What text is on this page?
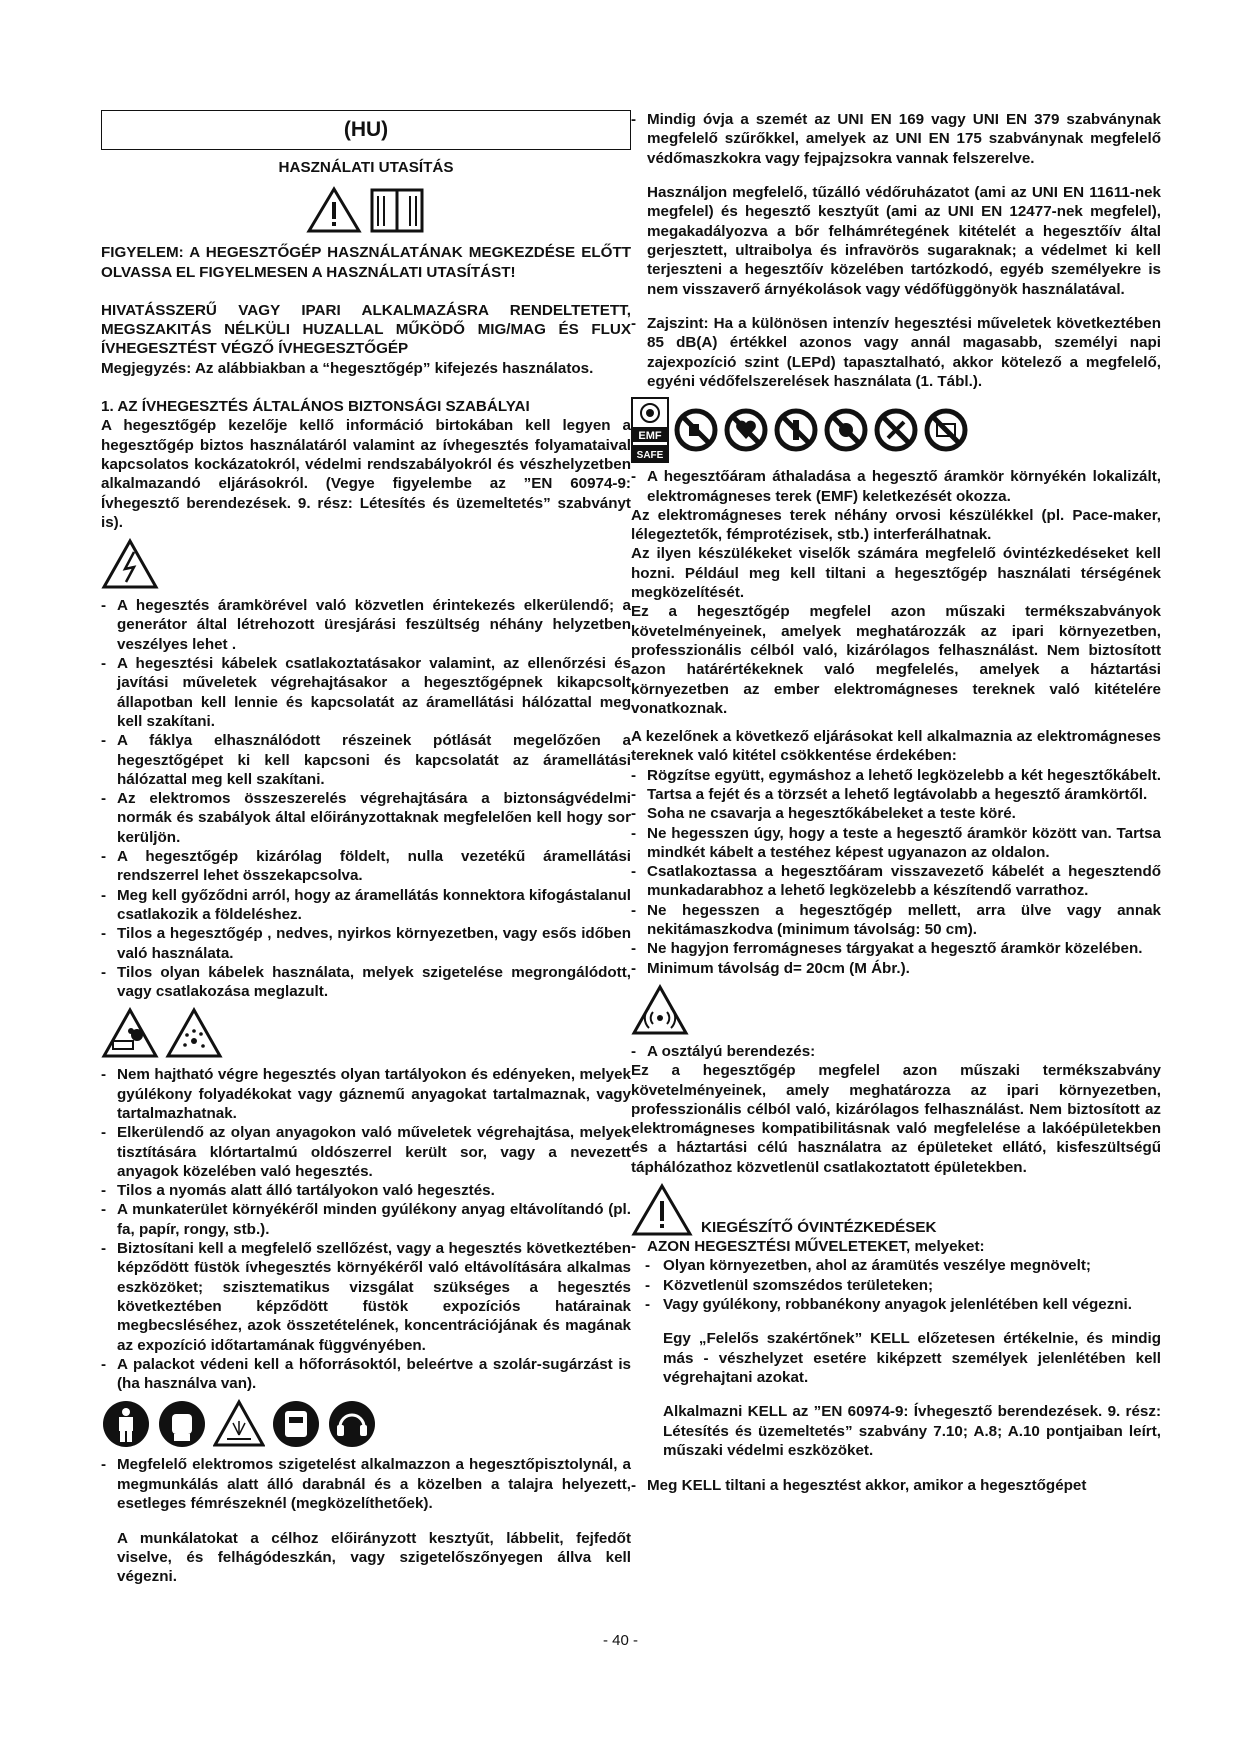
(HU)
HASZNÁLATI UTASÍTÁS

FIGYELEM: A HEGESZTŐGÉP HASZNÁLATÁNAK MEGKEZDÉSE ELŐTT OLVASSA EL FIGYELMESEN A HASZNÁLATI UTASÍTÁST!

HIVATÁSSZERŰ VAGY IPARI ALKALMAZÁSRA RENDELTETETT, MEGSZAKITÁS NÉLKÜLI HUZALLAL MŰKÖDŐ MIG/MAG ÉS FLUX ÍVHEGESZTÉST VÉGZŐ ÍVHEGESZTŐGÉP

Megjegyzés: Az alábbiakban a “hegesztőgép” kifejezés használatos.

1. AZ ÍVHEGESZTÉS ÁLTALÁNOS BIZTONSÁGI SZABÁLYAI

A hegesztőgép kezelője kellő információ birtokában kell legyen a hegesztőgép biztos használatáról valamint az ívhegesztés folyamataival kapcsolatos kockázatokról, védelmi rendszabályokról és vészhelyzetben alkalmazandó eljárásokról. (Vegye figyelembe az ”EN 60974-9: Ívhegesztő berendezések. 9. rész: Létesítés és üzemeltetés” szabványt is).

- A hegesztés áramkörével való közvetlen érintekezés elkerülendő; a generátor által létrehozott üresjárási feszültség néhány helyzetben veszélyes lehet .
- A hegesztési kábelek csatlakoztatásakor valamint, az ellenőrzési és javítási műveletek végrehajtásakor a hegesztőgépnek kikapcsolt állapotban kell lennie és kapcsolatát az áramellátási hálózattal meg kell szakítani.
- A fáklya elhasználódott részeinek pótlását megelőzően a hegesztőgépet ki kell kapcsoni és kapcsolatát az áramellátási hálózattal meg kell szakítani.
- Az elektromos összeszerelés végrehajtására a biztonságvédelmi normák és szabályok által előirányzottaknak megfelelően kell hogy sor kerüljön.
- A hegesztőgép kizárólag földelt, nulla vezetékű áramellátási rendszerrel lehet összekapcsolva.
- Meg kell győződni arról, hogy az áramellátás konnektora kifogástalanul csatlakozik a földeléshez.
- Tilos a hegesztőgép , nedves, nyirkos környezetben, vagy esős időben való használata.
- Tilos olyan kábelek használata, melyek szigetelése megrongálódott, vagy csatlakozása meglazult.
- Nem hajtható végre hegesztés olyan tartályokon és edényeken, melyek gyúlékony folyadékokat vagy gáznemű anyagokat tartalmaznak, vagy tartalmazhatnak.
- Elkerülendő az olyan anyagokon való műveletek végrehajtása, melyek tisztítására klórtartalmú oldószerrel került sor, vagy a nevezett anyagok közelében való hegesztés.
- Tilos a nyomás alatt álló tartályokon való hegesztés.
- A munkaterület környékéről minden gyúlékony anyag eltávolítandó (pl. fa, papír, rongy, stb.).
- Biztosítani kell a megfelelő szellőzést, vagy a hegesztés következtében képződött füstök ívhegesztés környékéről való eltávolítására alkalmas eszközöket; szisztematikus vizsgálat szükséges a hegesztés következtében képződött füstök expozíciós határainak megbecsléséhez, azok összetételének, koncentrációjának és magának az expozíció időtartamának függvényében.
- A palackot védeni kell a hőforrásoktól, beleértve a szolár-sugárzást is (ha használva van).
- Megfelelő elektromos szigetelést alkalmazzon a hegesztőpisztolynál, a megmunkálás alatt álló darabnál és a közelben a talajra helyezett, esetleges fémrészeknél (megközelíthetőek).

A munkálatokat a célhoz előirányzott kesztyűt, lábbelit, fejfedőt viselve, és felhágódeszkán, vagy szigetelőszőnyegen állva kell végezni.

- Mindig óvja a szemét az UNI EN 169 vagy UNI EN 379 szabványnak megfelelő szűrőkkel, amelyek az UNI EN 175 szabványnak megfelelő védőmaszkokra vagy fejpajzsokra vannak felszerelve.

Használjon megfelelő, tűzálló védőruházatot (ami az UNI EN 11611-nek megfelel) és hegesztő kesztyűt (ami az UNI EN 12477-nek megfelel), megakadályozva a bőr felhámrétegének kitételét a hegesztőív által gerjesztett, ultraibolya és infravörös sugaraknak; a védelmet ki kell terjeszteni a hegesztőív közelében tartózkodó, egyéb személyekre is nem visszaverő árnyékolások vagy védőfüggönyök használatával.

- Zajszint: Ha a különösen intenzív hegesztési műveletek következtében 85 dB(A) értékkel azonos vagy annál magasabb, személyi napi zajexpozíció szint (LEPd) tapasztalható, akkor kötelező a megfelelő, egyéni védőfelszerelések használata (1. Tábl.).
EMF
SAFE
- A hegesztőáram áthaladása a hegesztő áramkör környékén lokalizált, elektromágneses terek (EMF) keletkezését okozza.

Az elektromágneses terek néhány orvosi készülékkel (pl. Pace-maker, lélegeztetők, fémprotézisek, stb.) interferálhatnak.

Az ilyen készülékeket viselők számára megfelelő óvintézkedéseket kell hozni. Például meg kell tiltani a hegesztőgép használati térségének megközelítését.

Ez a hegesztőgép megfelel azon műszaki termékszabványok követelményeinek, amelyek meghatározzák az ipari környezetben, professzionális célból való, kizárólagos felhasználást. Nem biztosított azon határértékeknek való megfelelés, amelyek a háztartási környezetben az ember elektromágneses tereknek való kitételére vonatkoznak.

A kezelőnek a következő eljárásokat kell alkalmaznia az elektromágneses tereknek való kitétel csökkentése érdekében:

- Rögzítse együtt, egymáshoz a lehető legközelebb a két hegesztőkábelt.
- Tartsa a fejét és a törzsét a lehető legtávolabb a hegesztő áramkörtől.
- Soha ne csavarja a hegesztőkábeleket a teste köré.
- Ne hegesszen úgy, hogy a teste a hegesztő áramkör között van. Tartsa mindkét kábelt a testéhez képest ugyanazon az oldalon.
- Csatlakoztassa a hegesztőáram visszavezető kábelét a hegesztendő munkadarabhoz a lehető legközelebb a készítendő varrathoz.
- Ne hegesszen a hegesztőgép mellett, arra ülve vagy annak nekitámaszkodva (minimum távolság: 50 cm).
- Ne hagyjon ferromágneses tárgyakat a hegesztő áramkör közelében.
- Minimum távolság d= 20cm (M Ábr.).
- A osztályú berendezés:

Ez a hegesztőgép megfelel azon műszaki termékszabvány követelményeinek, amely meghatározza az ipari környezetben, professzionális célból való, kizárólagos felhasználást. Nem biztosított az elektromágneses kompatibilitásnak való megfelelése a lakóépületekben és a háztartási célú használatra az épületeket ellátó, kisfeszültségű táphálózathoz közvetlenül csatlakoztatott épületekben.

KIEGÉSZÍTŐ ÓVINTÉZKEDÉSEK
- AZON HEGESZTÉSI MŰVELETEKET, melyeket:
- Olyan környezetben, ahol az áramütés veszélye megnövelt;
- Közvetlenül szomszédos területeken;
- Vagy gyúlékony, robbanékony anyagok jelenlétében kell végezni.

Egy „Felelős szakértőnek” KELL előzetesen értékelnie, és mindig más - vészhelyzet esetére kiképzett személyek jelenlétében kell végrehajtani azokat.

Alkalmazni KELL az ”EN 60974-9: Ívhegesztő berendezések. 9. rész: Létesítés és üzemeltetés” szabvány 7.10; A.8; A.10 pontjaiban leírt, műszaki védelmi eszközöket.

- Meg KELL tiltani a hegesztést akkor, amikor a hegesztőgépet
- 40 -
